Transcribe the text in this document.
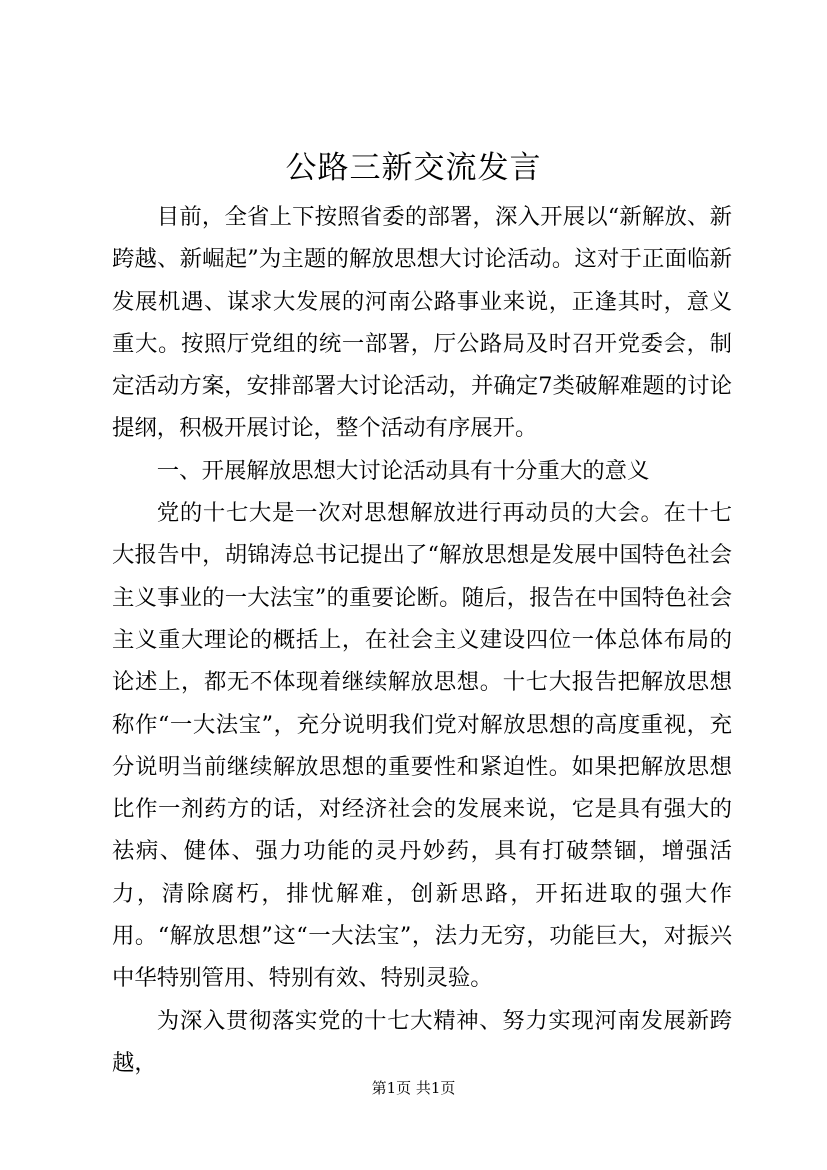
公路三新交流发言

目前，全省上下按照省委的部署，深入开展以“新解放、新跨越、新崛起”为主题的解放思想大讨论活动。这对于正面临新发展机遇、谋求大发展的河南公路事业来说，正逢其时，意义重大。按照厅党组的统一部署，厅公路局及时召开党委会，制定活动方案，安排部署大讨论活动，并确定7类破解难题的讨论提纲，积极开展讨论，整个活动有序展开。

一、开展解放思想大讨论活动具有十分重大的意义

党的十七大是一次对思想解放进行再动员的大会。在十七大报告中，胡锦涛总书记提出了“解放思想是发展中国特色社会主义事业的一大法宝”的重要论断。随后，报告在中国特色社会主义重大理论的概括上，在社会主义建设四位一体总体布局的论述上，都无不体现着继续解放思想。十七大报告把解放思想称作“一大法宝”，充分说明我们党对解放思想的高度重视，充分说明当前继续解放思想的重要性和紧迫性。如果把解放思想比作一剂药方的话，对经济社会的发展来说，它是具有强大的祛病、健体、强力功能的灵丹妙药，具有打破禁锢，增强活力，清除腐朽，排忧解难，创新思路，开拓进取的强大作用。“解放思想”这“一大法宝”，法力无穷，功能巨大，对振兴中华特别管用、特别有效、特别灵验。

为深入贯彻落实党的十七大精神、努力实现河南发展新跨越，

第1页 共1页
